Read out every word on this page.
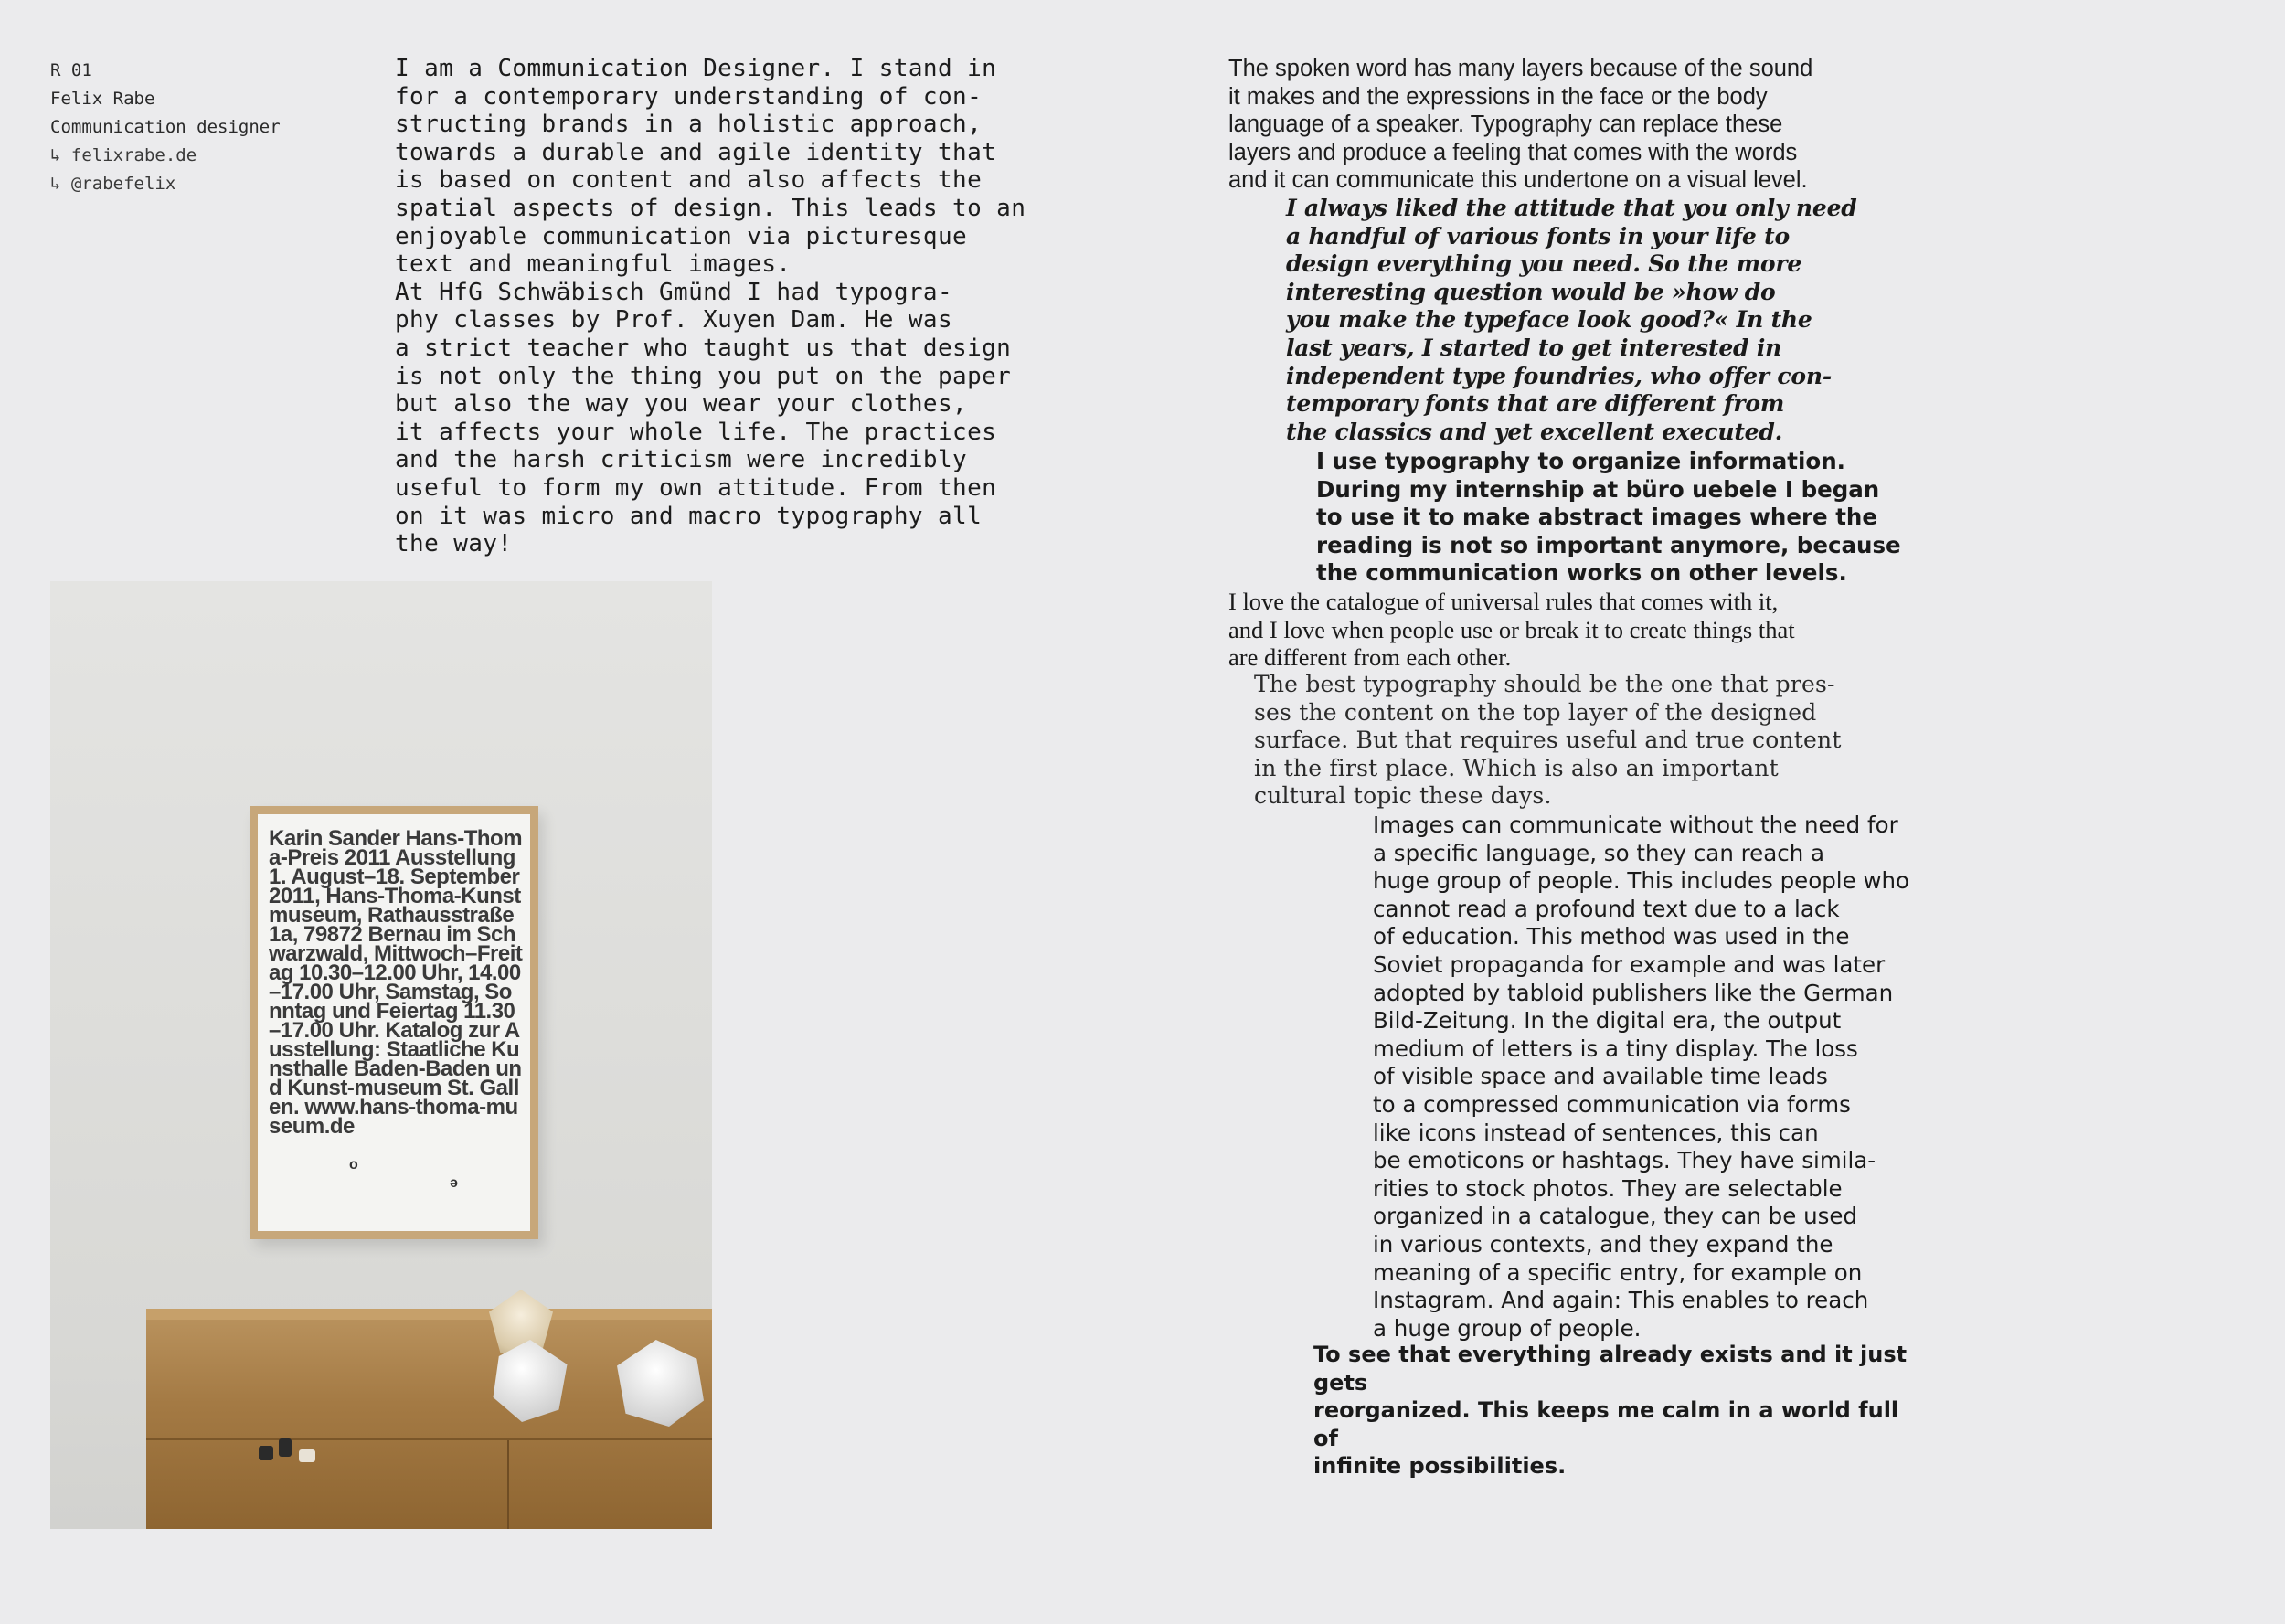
R 01
Felix Rabe
Communication designer
↳ felixrabe.de
↳ @rabefelix

I am a Communication Designer. I stand in
for a contemporary understanding of con-
structing brands in a holistic approach,
towards a durable and agile identity that
is based on content and also affects the
spatial aspects of design. This leads to an
enjoyable communication via picturesque
text and meaningful images.

At HfG Schwäbisch Gmünd I had typogra-
phy classes by Prof. Xuyen Dam. He was
a strict teacher who taught us that design
is not only the thing you put on the paper
but also the way you wear your clothes,
it affects your whole life. The practices
and the harsh criticism were incredibly
useful to form my own attitude. From then
on it was micro and macro typography all
the way!

Karin Sander Hans-Thoma-Preis 2011 Ausstellung 1. August–18. September 2011, Hans-Thoma-Kunstmuseum, Rathausstraße 1a, 79872 Bernau im Schwarzwald, Mittwoch–Freitag 10.30–12.00 Uhr, 14.00–17.00 Uhr, Samstag, Sonntag und Feiertag 11.30–17.00 Uhr. Katalog zur Ausstellung: Staatliche Kunsthalle Baden-Baden und Kunst-museum St. Gallen. www.hans-thoma-museum.de
o
ə

The spoken word has many layers because of the sound
it makes and the expressions in the face or the body
language of a speaker. Typography can replace these
layers and produce a feeling that comes with the words
and it can communicate this undertone on a visual level.

I always liked the attitude that you only need
a handful of various fonts in your life to
design everything you need. So the more
interesting question would be »how do
you make the typeface look good?« In the
last years, I started to get interested in
independent type foundries, who offer con-
temporary fonts that are different from
the classics and yet excellent executed.

I use typography to organize information.
During my internship at büro uebele I began
to use it to make abstract images where the
reading is not so important anymore, because
the communication works on other levels.

I love the catalogue of universal rules that comes with it,
and I love when people use or break it to create things that
are different from each other.

The best typography should be the one that pres-
ses the content on the top layer of the designed
surface. But that requires useful and true content
in the first place. Which is also an important
cultural topic these days.

Images can communicate without the need for
a specific language, so they can reach a
huge group of people. This includes people who
cannot read a profound text due to a lack
of education. This method was used in the
Soviet propaganda for example and was later
adopted by tabloid publishers like the German
Bild-Zeitung. In the digital era, the output
medium of letters is a tiny display. The loss
of visible space and available time leads
to a compressed communication via forms
like icons instead of sentences, this can
be emoticons or hashtags. They have simila-
rities to stock photos. They are selectable
organized in a catalogue, they can be used
in various contexts, and they expand the
meaning of a specific entry, for example on
Instagram. And again: This enables to reach
a huge group of people.

To see that everything already exists and it just gets
reorganized. This keeps me calm in a world full of
infinite possibilities.
